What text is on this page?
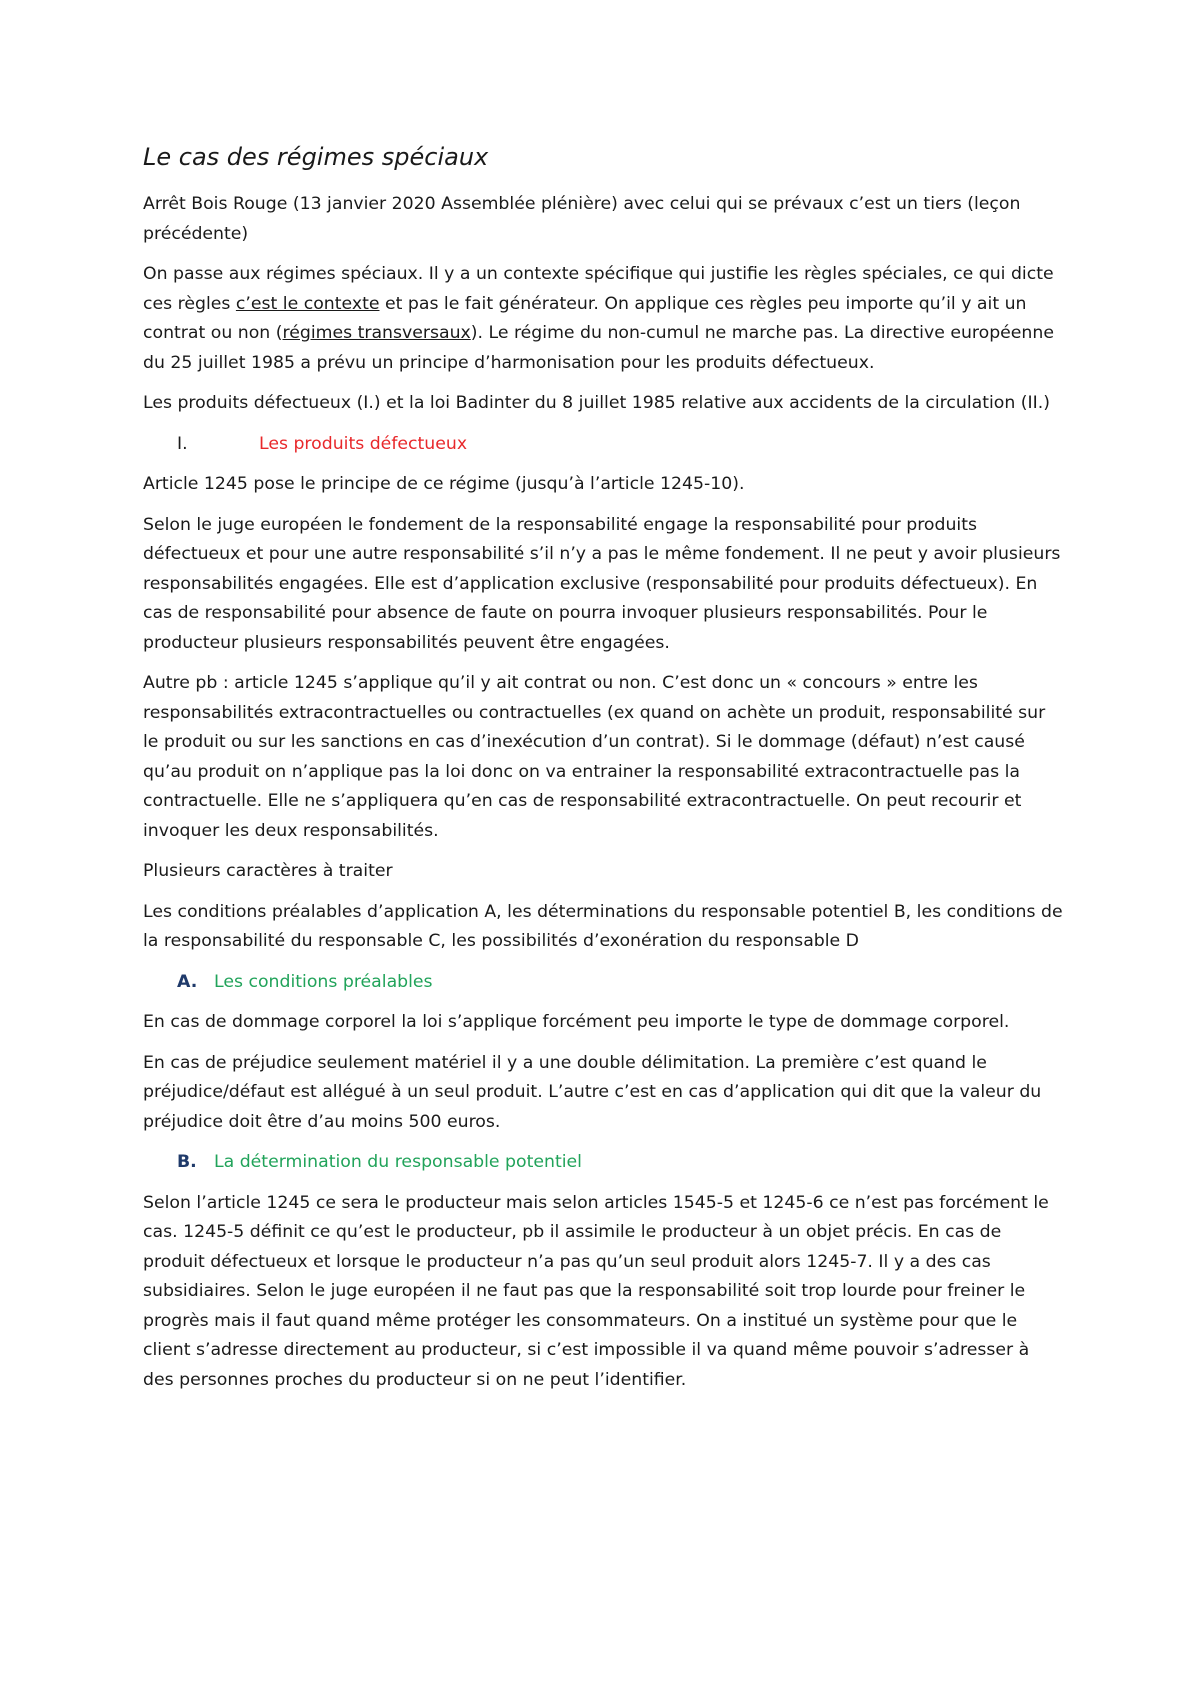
Le cas des régimes spéciaux

Arrêt Bois Rouge (13 janvier 2020 Assemblée plénière) avec celui qui se prévaux c’est un tiers (leçon précédente)

On passe aux régimes spéciaux. Il y a un contexte spécifique qui justifie les règles spéciales, ce qui dicte ces règles c’est le contexte et pas le fait générateur. On applique ces règles peu importe qu’il y ait un contrat ou non (régimes transversaux). Le régime du non-cumul ne marche pas. La directive européenne du 25 juillet 1985 a prévu un principe d’harmonisation pour les produits défectueux.

Les produits défectueux (I.) et la loi Badinter du 8 juillet 1985 relative aux accidents de la circulation (II.)

I.	Les produits défectueux

Article 1245 pose le principe de ce régime (jusqu’à l’article 1245-10).

Selon le juge européen le fondement de la responsabilité engage la responsabilité pour produits défectueux et pour une autre responsabilité s’il n’y a pas le même fondement. Il ne peut y avoir plusieurs responsabilités engagées. Elle est d’application exclusive (responsabilité pour produits défectueux). En cas de responsabilité pour absence de faute on pourra invoquer plusieurs responsabilités. Pour le producteur plusieurs responsabilités peuvent être engagées.

Autre pb : article 1245 s’applique qu’il y ait contrat ou non. C’est donc un « concours » entre les responsabilités extracontractuelles ou contractuelles (ex quand on achète un produit, responsabilité sur le produit ou sur les sanctions en cas d’inexécution d’un contrat). Si le dommage (défaut) n’est causé qu’au produit on n’applique pas la loi donc on va entrainer la responsabilité extracontractuelle pas la contractuelle. Elle ne s’appliquera qu’en cas de responsabilité extracontractuelle. On peut recourir et invoquer les deux responsabilités.

Plusieurs caractères à traiter

Les conditions préalables d’application A, les déterminations du responsable potentiel B, les conditions de la responsabilité du responsable C, les possibilités d’exonération du responsable D

A. Les conditions préalables

En cas de dommage corporel la loi s’applique forcément peu importe le type de dommage corporel.

En cas de préjudice seulement matériel il y a une double délimitation. La première c’est quand le préjudice/défaut est allégué à un seul produit. L’autre c’est en cas d’application qui dit que la valeur du préjudice doit être d’au moins 500 euros.

B. La détermination du responsable potentiel

Selon l’article 1245 ce sera le producteur mais selon articles 1545-5 et 1245-6 ce n’est pas forcément le cas. 1245-5 définit ce qu’est le producteur, pb il assimile le producteur à un objet précis. En cas de produit défectueux et lorsque le producteur n’a pas qu’un seul produit alors 1245-7. Il y a des cas subsidiaires. Selon le juge européen il ne faut pas que la responsabilité soit trop lourde pour freiner le progrès mais il faut quand même protéger les consommateurs. On a institué un système pour que le client s’adresse directement au producteur, si c’est impossible il va quand même pouvoir s’adresser à des personnes proches du producteur si on ne peut l’identifier.
